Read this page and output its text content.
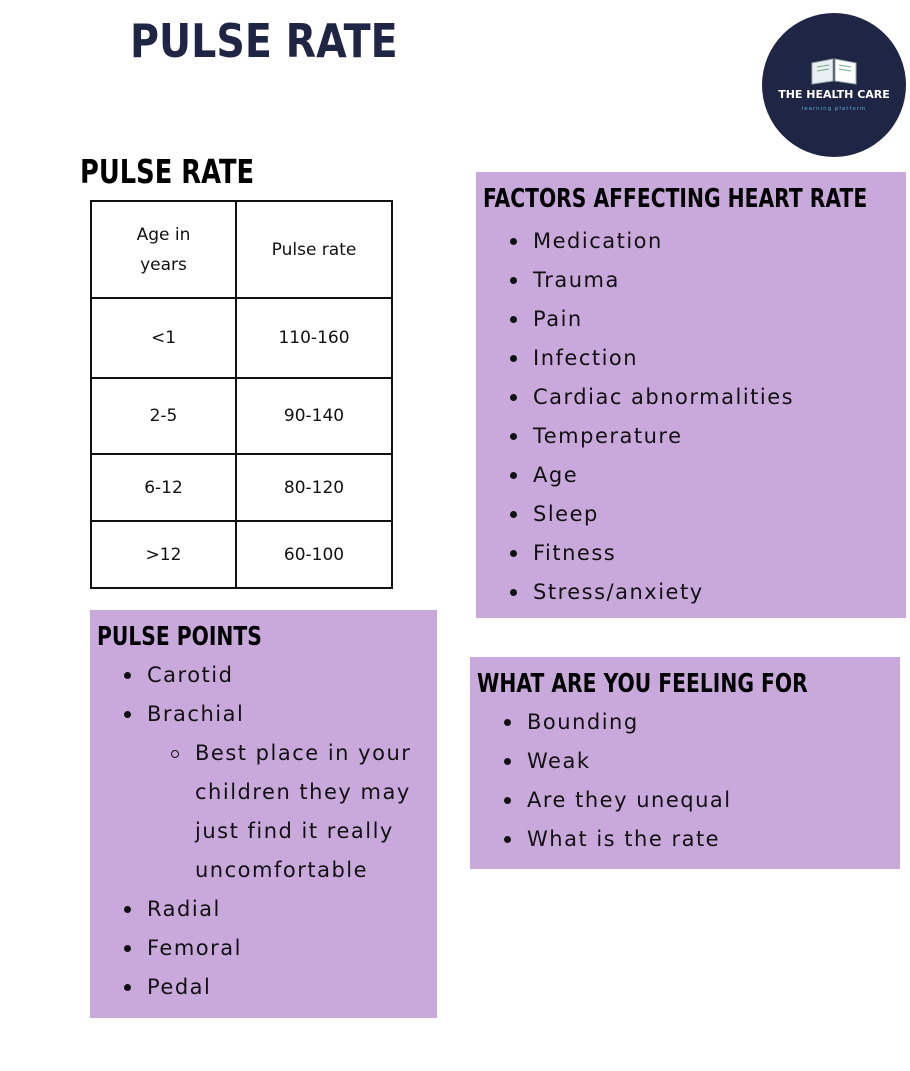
PULSE RATE
THE HEALTH CARE
learning platform
PULSE RATE
Age in years	Pulse rate
<1	110-160
2-5	90-140
6-12	80-120
>12	60-100
FACTORS AFFECTING HEART RATE
Medication
Trauma
Pain
Infection
Cardiac abnormalities
Temperature
Age
Sleep
Fitness
Stress/anxiety
PULSE POINTS
Carotid
Brachial
Best place in your children they may just find it really uncomfortable
Radial
Femoral
Pedal
WHAT ARE YOU FEELING FOR
Bounding
Weak
Are they unequal
What is the rate
